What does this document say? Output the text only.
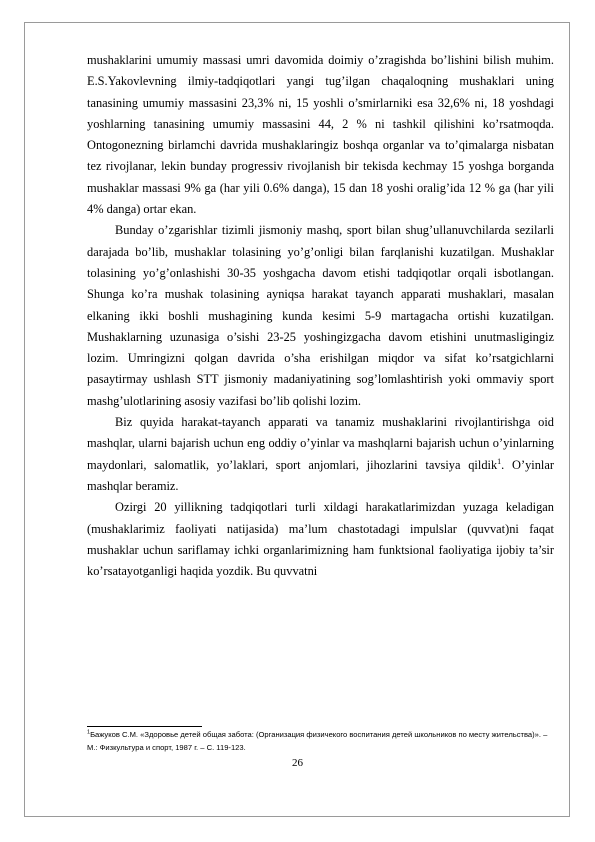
mushaklarini umumiy massasi umri davomida doimiy o’zragishda bo’lishini bilish muhim. E.S.Yakovlevning ilmiy-tadqiqotlari yangi tug’ilgan chaqaloqning mushaklari uning tanasining umumiy massasini 23,3% ni, 15 yoshli o’smirlarniki esa 32,6% ni, 18 yoshdagi yoshlarning tanasining umumiy massasini 44, 2 % ni tashkil qilishini ko’rsatmoqda. Ontogonezning birlamchi davrida mushaklaringiz boshqa organlar va to’qimalarga nisbatan tez rivojlanar, lekin bunday progressiv rivojlanish bir tekisda kechmay 15 yoshga borganda mushaklar massasi 9% ga (har yili 0.6% danga), 15 dan 18 yoshi oralig’ida 12 % ga (har yili 4% danga) ortar ekan.

Bunday o’zgarishlar tizimli jismoniy mashq, sport bilan shug’ullanuvchilarda sezilarli darajada bo’lib, mushaklar tolasining yo’g’onligi bilan farqlanishi kuzatilgan. Mushaklar tolasining yo’g’onlashishi 30-35 yoshgacha davom etishi tadqiqotlar orqali isbotlangan. Shunga ko’ra mushak tolasining ayniqsa harakat tayanch apparati mushaklari, masalan elkaning ikki boshli mushagining kunda kesimi 5-9 martagacha ortishi kuzatilgan. Mushaklarning uzunasiga o’sishi 23-25 yoshingizgacha davom etishini unutmasligingiz lozim. Umringizni qolgan davrida o’sha erishilgan miqdor va sifat ko’rsatgichlarni pasaytirmay ushlash STT jismoniy madaniyatining sog’lomlashtirish yoki ommaviy sport mashg’ulotlarining asosiy vazifasi bo’lib qolishi lozim.

Biz quyida harakat-tayanch apparati va tanamiz mushaklarini rivojlantirishga oid mashqlar, ularni bajarish uchun eng oddiy o’yinlar va mashqlarni bajarish uchun o’yinlarning maydonlari, salomatlik, yo’laklari, sport anjomlari, jihozlarini tavsiya qildik$^1$. O’yinlar mashqlar beramiz.

Ozirgi 20 yillikning tadqiqotlari turli xildagi harakatlarimizdan yuzaga keladigan (mushaklarimiz faoliyati natijasida) ma’lum chastotadagi impulslar (quvvat)ni faqat mushaklar uchun sariflamay ichki organlarimizning ham funktsional faoliyatiga ijobiy ta’sir ko’rsatayotganligi haqida yozdik. Bu quvvatni

$^1$Бажуков С.М. «Здоровье детей общая забота: (Организация физичекого воспитания детей школьников по месту жительства)». – М.: Физкультура и спорт, 1987 г. – С. 119-123.

26
